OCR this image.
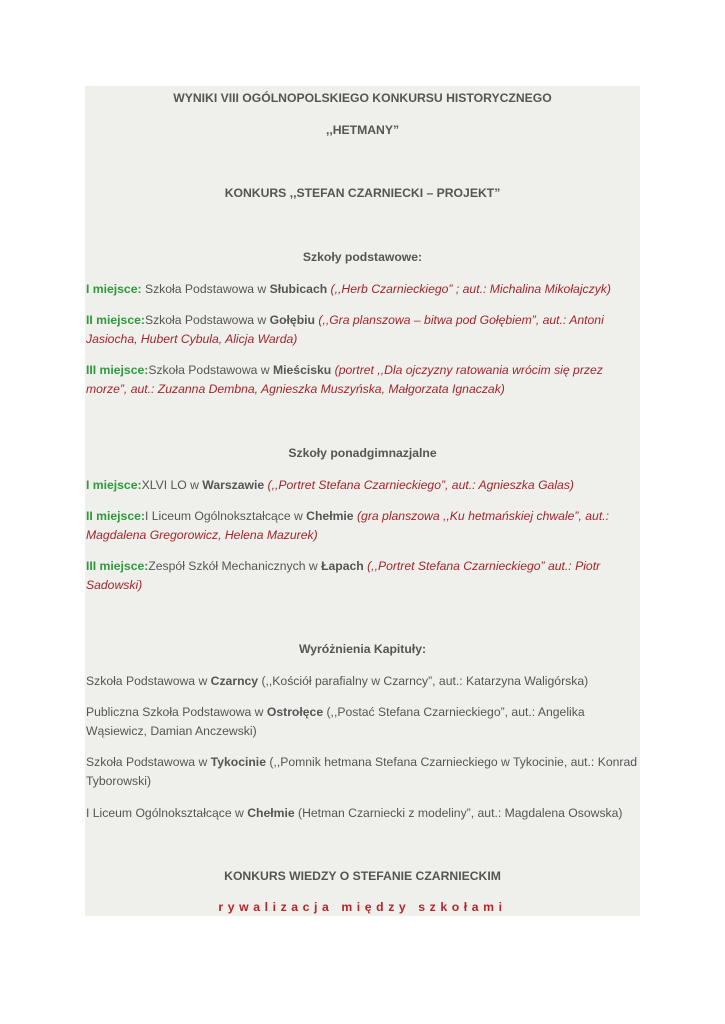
WYNIKI VIII OGÓLNOPOLSKIEGO KONKURSU HISTORYCZNEGO
,,HETMANY”
KONKURS ,,STEFAN CZARNIECKI – PROJEKT”
Szkoły podstawowe:
I miejsce: Szkoła Podstawowa w Słubicach (,,Herb Czarnieckiego” ; aut.: Michalina Mikołajczyk)
II miejsce:Szkoła Podstawowa w Gołębiu (,,Gra planszowa – bitwa pod Gołębiem”, aut.: Antoni Jasiocha, Hubert Cybula, Alicja Warda)
III miejsce:Szkoła Podstawowa w Mieścisku (portret ,,Dla ojczyzny ratowania wrócim się przez morze”, aut.: Zuzanna Dembna, Agnieszka Muszyńska, Małgorzata Ignaczak)
Szkoły ponadgimnazjalne
I miejsce:XLVI LO w Warszawie (,,Portret Stefana Czarnieckiego”, aut.: Agnieszka Galas)
II miejsce:I Liceum Ogólnokształcące w Chełmie (gra planszowa ,,Ku hetmańskiej chwale”, aut.: Magdalena Gregorowicz, Helena Mazurek)
III miejsce:Zespół Szkół Mechanicznych w Łapach (,,Portret Stefana Czarnieckiego” aut.: Piotr Sadowski)
Wyróżnienia Kapituły:
Szkoła Podstawowa w Czarncy (,,Kościół parafialny w Czarncy”, aut.: Katarzyna Waligórska)
Publiczna Szkoła Podstawowa w Ostrołęce (,,Postać Stefana Czarnieckiego”, aut.: Angelika Wąsiewicz, Damian Anczewski)
Szkoła Podstawowa w Tykocinie (,,Pomnik hetmana Stefana Czarnieckiego w Tykocinie, aut.: Konrad Tyborowski)
I Liceum Ogólnokształcące w Chełmie (Hetman Czarniecki z modeliny”, aut.: Magdalena Osowska)
KONKURS WIEDZY O STEFANIE CZARNIECKIM
rywalizacja między szkołami
